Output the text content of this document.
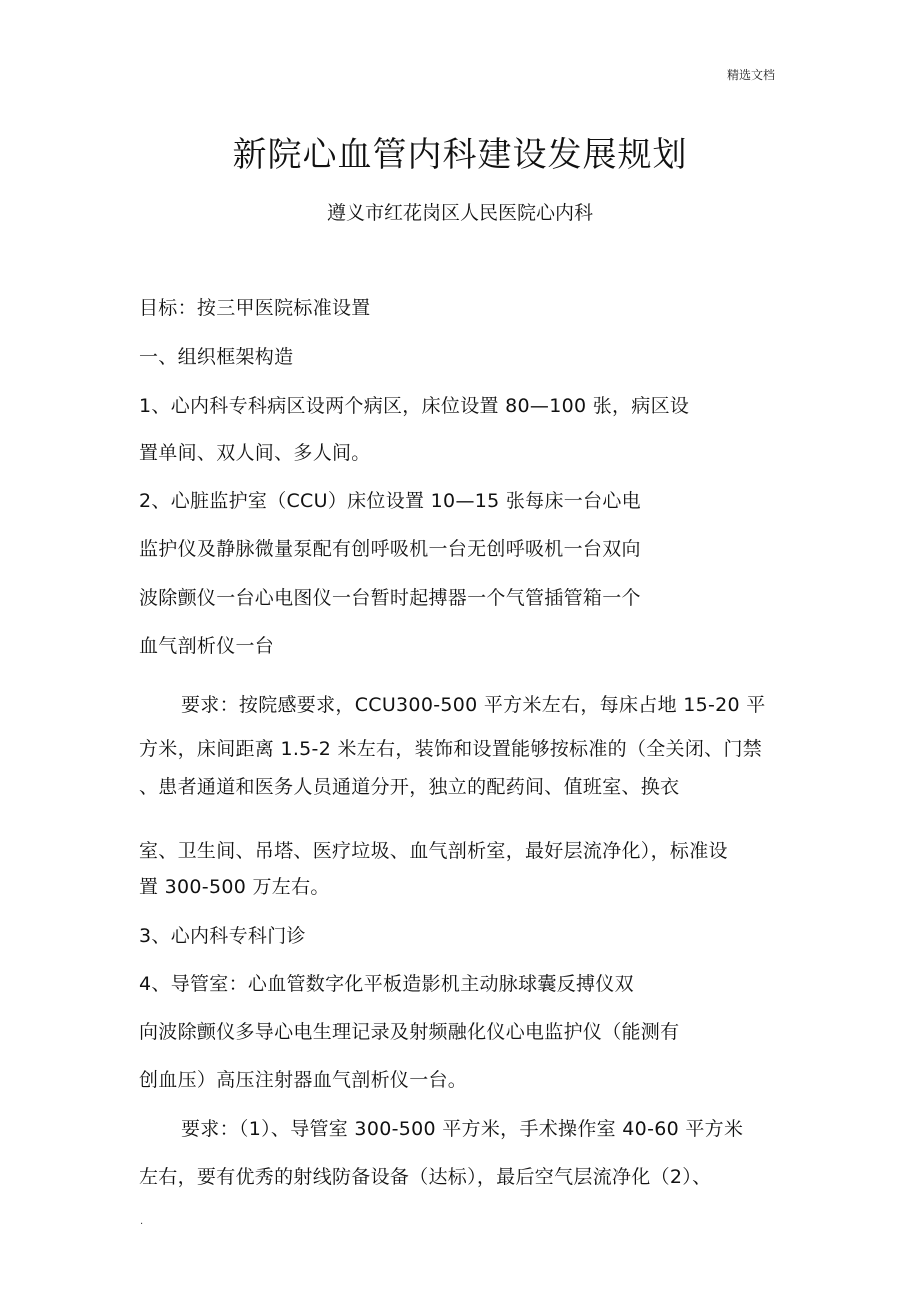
精选文档
新院心血管内科建设发展规划
遵义市红花岗区人民医院心内科
目标：按三甲医院标准设置
一、组织框架构造
1、心内科专科病区设两个病区，床位设置 80—100 张，病区设
置单间、双人间、多人间。
2、心脏监护室（CCU）床位设置 10—15 张每床一台心电
监护仪及静脉微量泵配有创呼吸机一台无创呼吸机一台双向
波除颤仪一台心电图仪一台暂时起搏器一个气管插管箱一个
血气剖析仪一台
要求：按院感要求，CCU300-500 平方米左右，每床占地 15-20 平
方米，床间距离 1.5-2 米左右，装饰和设置能够按标准的（全关闭、门禁
、患者通道和医务人员通道分开，独立的配药间、值班室、换衣
室、卫生间、吊塔、医疗垃圾、血气剖析室，最好层流净化），标准设
置 300-500 万左右。
3、心内科专科门诊
4、导管室：心血管数字化平板造影机主动脉球囊反搏仪双
向波除颤仪多导心电生理记录及射频融化仪心电监护仪（能测有
创血压）高压注射器血气剖析仪一台。
要求：（1）、导管室 300-500 平方米，手术操作室 40-60 平方米
左右，要有优秀的射线防备设备（达标），最后空气层流净化（2）、
.
